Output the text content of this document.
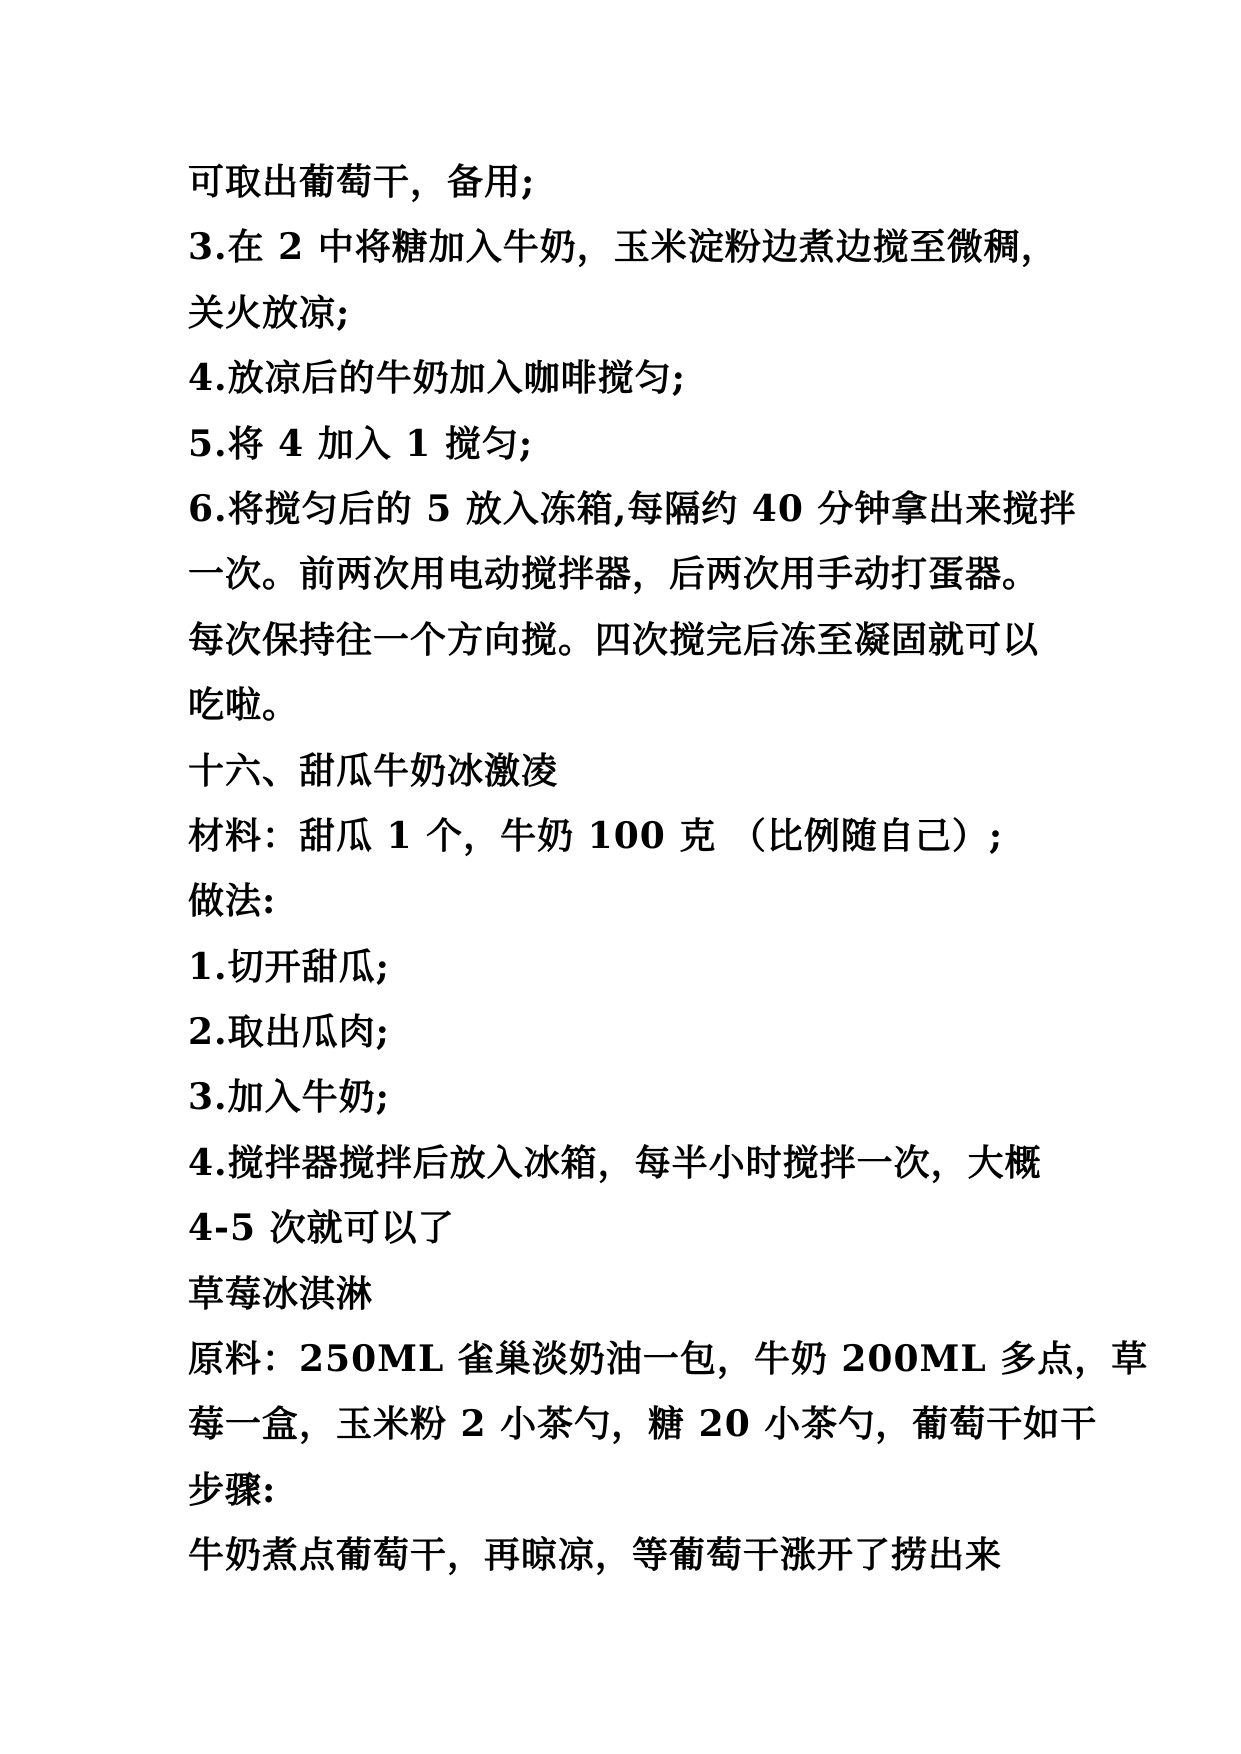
可取出葡萄干，备用;
3.在 2 中将糖加入牛奶，玉米淀粉边煮边搅至微稠，
关火放凉;
4.放凉后的牛奶加入咖啡搅匀;
5.将 4 加入 1 搅匀;
6.将搅匀后的 5 放入冻箱,每隔约 40 分钟拿出来搅拌
一次。前两次用电动搅拌器，后两次用手动打蛋器。
每次保持往一个方向搅。四次搅完后冻至凝固就可以
吃啦。
十六、甜瓜牛奶冰激凌
材料：甜瓜 1 个，牛奶 100 克 （比例随自己）;
做法:
1.切开甜瓜;
2.取出瓜肉;
3.加入牛奶;
4.搅拌器搅拌后放入冰箱，每半小时搅拌一次，大概
4-5 次就可以了
草莓冰淇淋
原料：250ML 雀巢淡奶油一包，牛奶 200ML 多点，草
莓一盒，玉米粉 2 小茶勺，糖 20 小茶勺，葡萄干如干
步骤:
牛奶煮点葡萄干，再晾凉，等葡萄干涨开了捞出来
